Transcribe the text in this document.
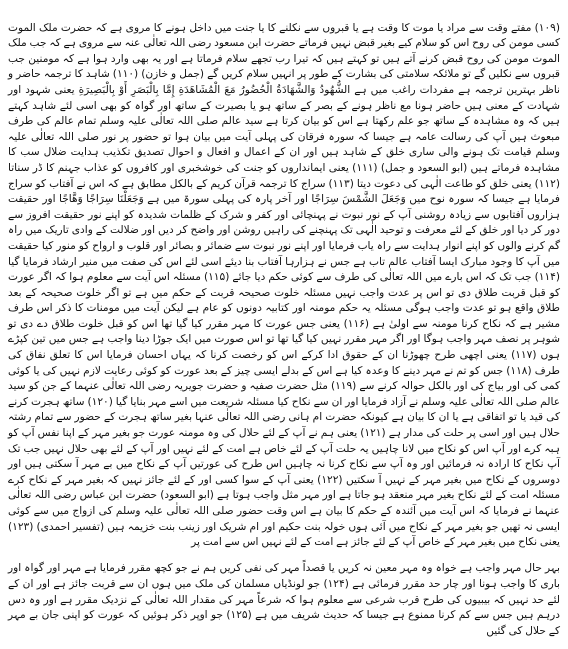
(۱۰۹) مفتے وقت سے مراد یا موت کا وقت ہے یا قبروں سے نکلنے کا یا جنت میں داخل ہونے کا مروی ہے کہ حضرت ملک الموت کسی مومن کی روح اس کو سلام کیے بغیر قبض نہیں فرماتے حضرت ابن مسعود رضی اللہ تعالٰی عنہ سے مروی ہے کہ جب ملک الموت مومن کی روح قبض کرنے آتے ہیں تو کہتے ہیں کہ تیرا رب تجھے سلام فرماتا ہے اور یہ بھی وارد ہوا ہے کہ مومنین جب قبروں سے نکلیں گے تو ملائکہ سلامتی کی بشارت کے طور پر انہیں سلام کریں گے (جمل و خازن) (۱۱۰) شاہد کا ترجمہ حاضر و ناظر بہترین ترجمہ ہے مفردات راغب میں ہے الشُّهُودُ وَالشَّهَادَةُ الْحُضُورُ مَعَ الْمُشَاهَدَةِ إِمَّا بِالْبَصَرِ أَوْ بِالْبَصِيرَةِ یعنی شہود اور شہادت کے معنی ہیں حاضر ہونا مع ناظر ہونے کے بصر کے ساتھ ہو یا بصیرت کے ساتھ اور گواہ کو بھی اسی لئے شاہد کہتے ہیں کہ وہ مشاہدہ کے ساتھ جو علم رکھتا ہے اس کو بیان کرتا ہے سید عالم صلی اللہ تعالٰی علیہ وسلم تمام عالم کی طرف مبعوث ہیں آپ کی رسالت عامہ ہے جیسا کہ سورہ فرقان کی پہلی آیت میں بیان ہوا تو حضور پر نور صلی اللہ تعالٰی علیہ وسلم قیامت تک ہونے والی ساری خلق کے شاہد ہیں اور ان کے اعمال و افعال و احوال تصدیق تکذیب ہدایت ضلال سب کا مشاہدہ فرماتے ہیں (ابو السعود و جمل) (۱۱۱) یعنی ایمانداروں کو جنت کی خوشخبری اور کافروں کو عذاب جہنم کا ڈر سناتا (۱۱۲) یعنی خلق کو طاعت الٰہی کی دعوت دیتا (۱۱۳) سراج کا ترجمہ قرآن کریم کے بالکل مطابق ہے کہ اس نے آفتاب کو سراج فرمایا ہے جیسا کہ سورہ نوح میں وَجَعَلَ الشَّمْسَ سِرَاجًا اور آخر پارہ کی پہلی سورۃ میں ہے وَجَعَلْنَا سِرَاجًا وَهَّاجًا اور حقیقت ہزاروں آفتابوں سے زیادہ روشنی آپ کے نور نبوت نے پہنچائی اور کفر و شرک کے ظلمات شدیدہ کو اپنے نور حقیقت افروز سے دور کر دیا اور خلق کے لئے معرفت و توحید الٰہی تک پہنچنے کی راہیں روشن اور واضح کر دیں اور ضلالت کے وادی تاریک میں راہ گم کرنے والوں کو اپنے انوار ہدایت سے راہ یاب فرمایا اور اپنے نور نبوت سے ضمائر و بصائر اور قلوب و ارواح کو منور کیا حقیقت میں آپ کا وجود مبارک ایسا آفتاب عالم تاب ہے جس نے ہزارہا آفتاب بنا دیئے اسی لئے اس کی صفت میں منیر ارشاد فرمایا گیا (۱۱۴) جب تک کہ اس بارے میں اللہ تعالٰی کی طرف سے کوئی حکم دیا جائے (۱۱۵) مسئلہ اس آیت سے معلوم ہوا کہ اگر عورت کو قبل قربت طلاق دی تو اس پر عدت واجب نہیں مسئلہ خلوت صحیحہ قربت کے حکم میں ہے تو اگر خلوت صحیحہ کے بعد طلاق واقع ہو تو عدت واجب ہوگی مسئلہ یہ حکم مومنہ اور کتابیہ دونوں کو عام ہے لیکن آیت میں مومنات کا ذکر اس طرف مشیر ہے کہ نکاح کرنا مومنہ سے اولیٰ ہے (۱۱۶) یعنی جس عورت کا مہر مقرر کیا گیا تھا اس کو قبل خلوت طلاق دے دی تو شوہر پر نصف مہر واجب ہوگا اور اگر مہر مقرر نہیں کیا گیا تھا تو اس صورت میں ایک جوڑا دینا واجب ہے جس میں تین کپڑے ہوں (۱۱۷) یعنی اچھی طرح چھوڑنا ان کے حقوق ادا کرکے اس کو رخصت کرنا کہ یہاں احسان فرمایا اس کا تعلق نفاق کی طرف (۱۱۸) جس کو تم نے مہر دینے کا وعدہ کیا ہے اس کے بدلے ایسی چیز کے بعد عورت کو کوئی رعایت لازم نہیں کی یا کوئی کمی کی اور بیاج کی اور بالکل حوالہ کرنے سے (۱۱۹) مثل حضرت صفیہ و حضرت جویریہ رضی اللہ تعالٰی عنہما کے جن کو سید عالم صلی اللہ تعالٰی علیہ وسلم نے آزاد فرمایا اور ان سے نکاح کیا مسئلہ شریعت میں اسے مہر بنایا گیا (۱۲۰) ساتھ ہجرت کرنے کی قید یا تو اتفاقی ہے یا ان کا بیان ہے کیونکہ حضرت ام ہانی رضی اللہ تعالٰی عنہا بغیر ساتھ ہجرت کے حضور سے تمام رشتہ حلال ہیں اور اسی پر حلت کی مدار ہے (۱۲۱) یعنی ہم نے آپ کے لئے حلال کی وہ مومنہ عورت جو بغیر مہر کے اپنا نفس آپ کو ہبہ کرے اور آپ اس کو نکاح میں لانا چاہیں یہ حلت آپ کے لئے خاص ہے امت کے لئے نہیں اور آپ کے لئے بھی حلال نہیں جب تک آپ نکاح کا ارادہ نہ فرمائیں اور وہ آپ سے نکاح کرنا نہ چاہیں اس طرح کی عورتیں آپ کے نکاح میں بے مہر آ سکتی ہیں اور دوسروں کے نکاح میں بغیر مہر کے نہیں آ سکتیں (۱۲۲) یعنی آپ کے سوا کسی اور کے لئے جائز نہیں کہ بغیر مہر کے نکاح کرے مسئلہ امت کے لئے نکاح بغیر مہر منعقد ہو جاتا ہے اور مہر مثل واجب ہوتا ہے (ابو السعود) حضرت ابن عباس رضی اللہ تعالٰی عنہما نے فرمایا کہ اس آیت میں آئندہ کے حکم کا بیان ہے اس وقت حضور صلی اللہ تعالٰی علیہ وسلم کی ازواج میں سے کوئی ایسی نہ تھیں جو بغیر مہر کے نکاح میں آئی ہوں خولہ بنت حکیم اور ام شریک اور زینب بنت خزیمہ ہیں (تفسیر احمدی) (۱۲۳) یعنی نکاح میں بغیر مہر کے خاص آپ کے لئے جائز ہے امت کے لئے نہیں اس سے امت پر

بہر حال مہر واجب ہے خواہ وہ مہر معین نہ کریں یا قصداً مہر کی نفی کریں ہم نے جو کچھ مقرر فرمایا ہے مہر اور گواہ اور باری کا واجب ہونا اور چار حد مقرر فرمائی ہے (۱۲۴) جو لونڈیاں مسلمان کی ملک میں ہوں ان سے قربت جائز ہے اور ان کے لئے حد نہیں کہ بیبیوں کی طرح قرب شرعی سے معلوم ہوا کہ شرعاً مہر کی مقدار اللہ تعالٰی کے نزدیک مقرر ہے اور وہ دس درہم ہیں جس سے کم کرنا ممنوع ہے جیسا کہ حدیث شریف میں ہے (۱۲۵) جو اوپر ذکر ہوئیں کہ عورت کو اپنی جان بے مہر کے حلال کی گئیں
